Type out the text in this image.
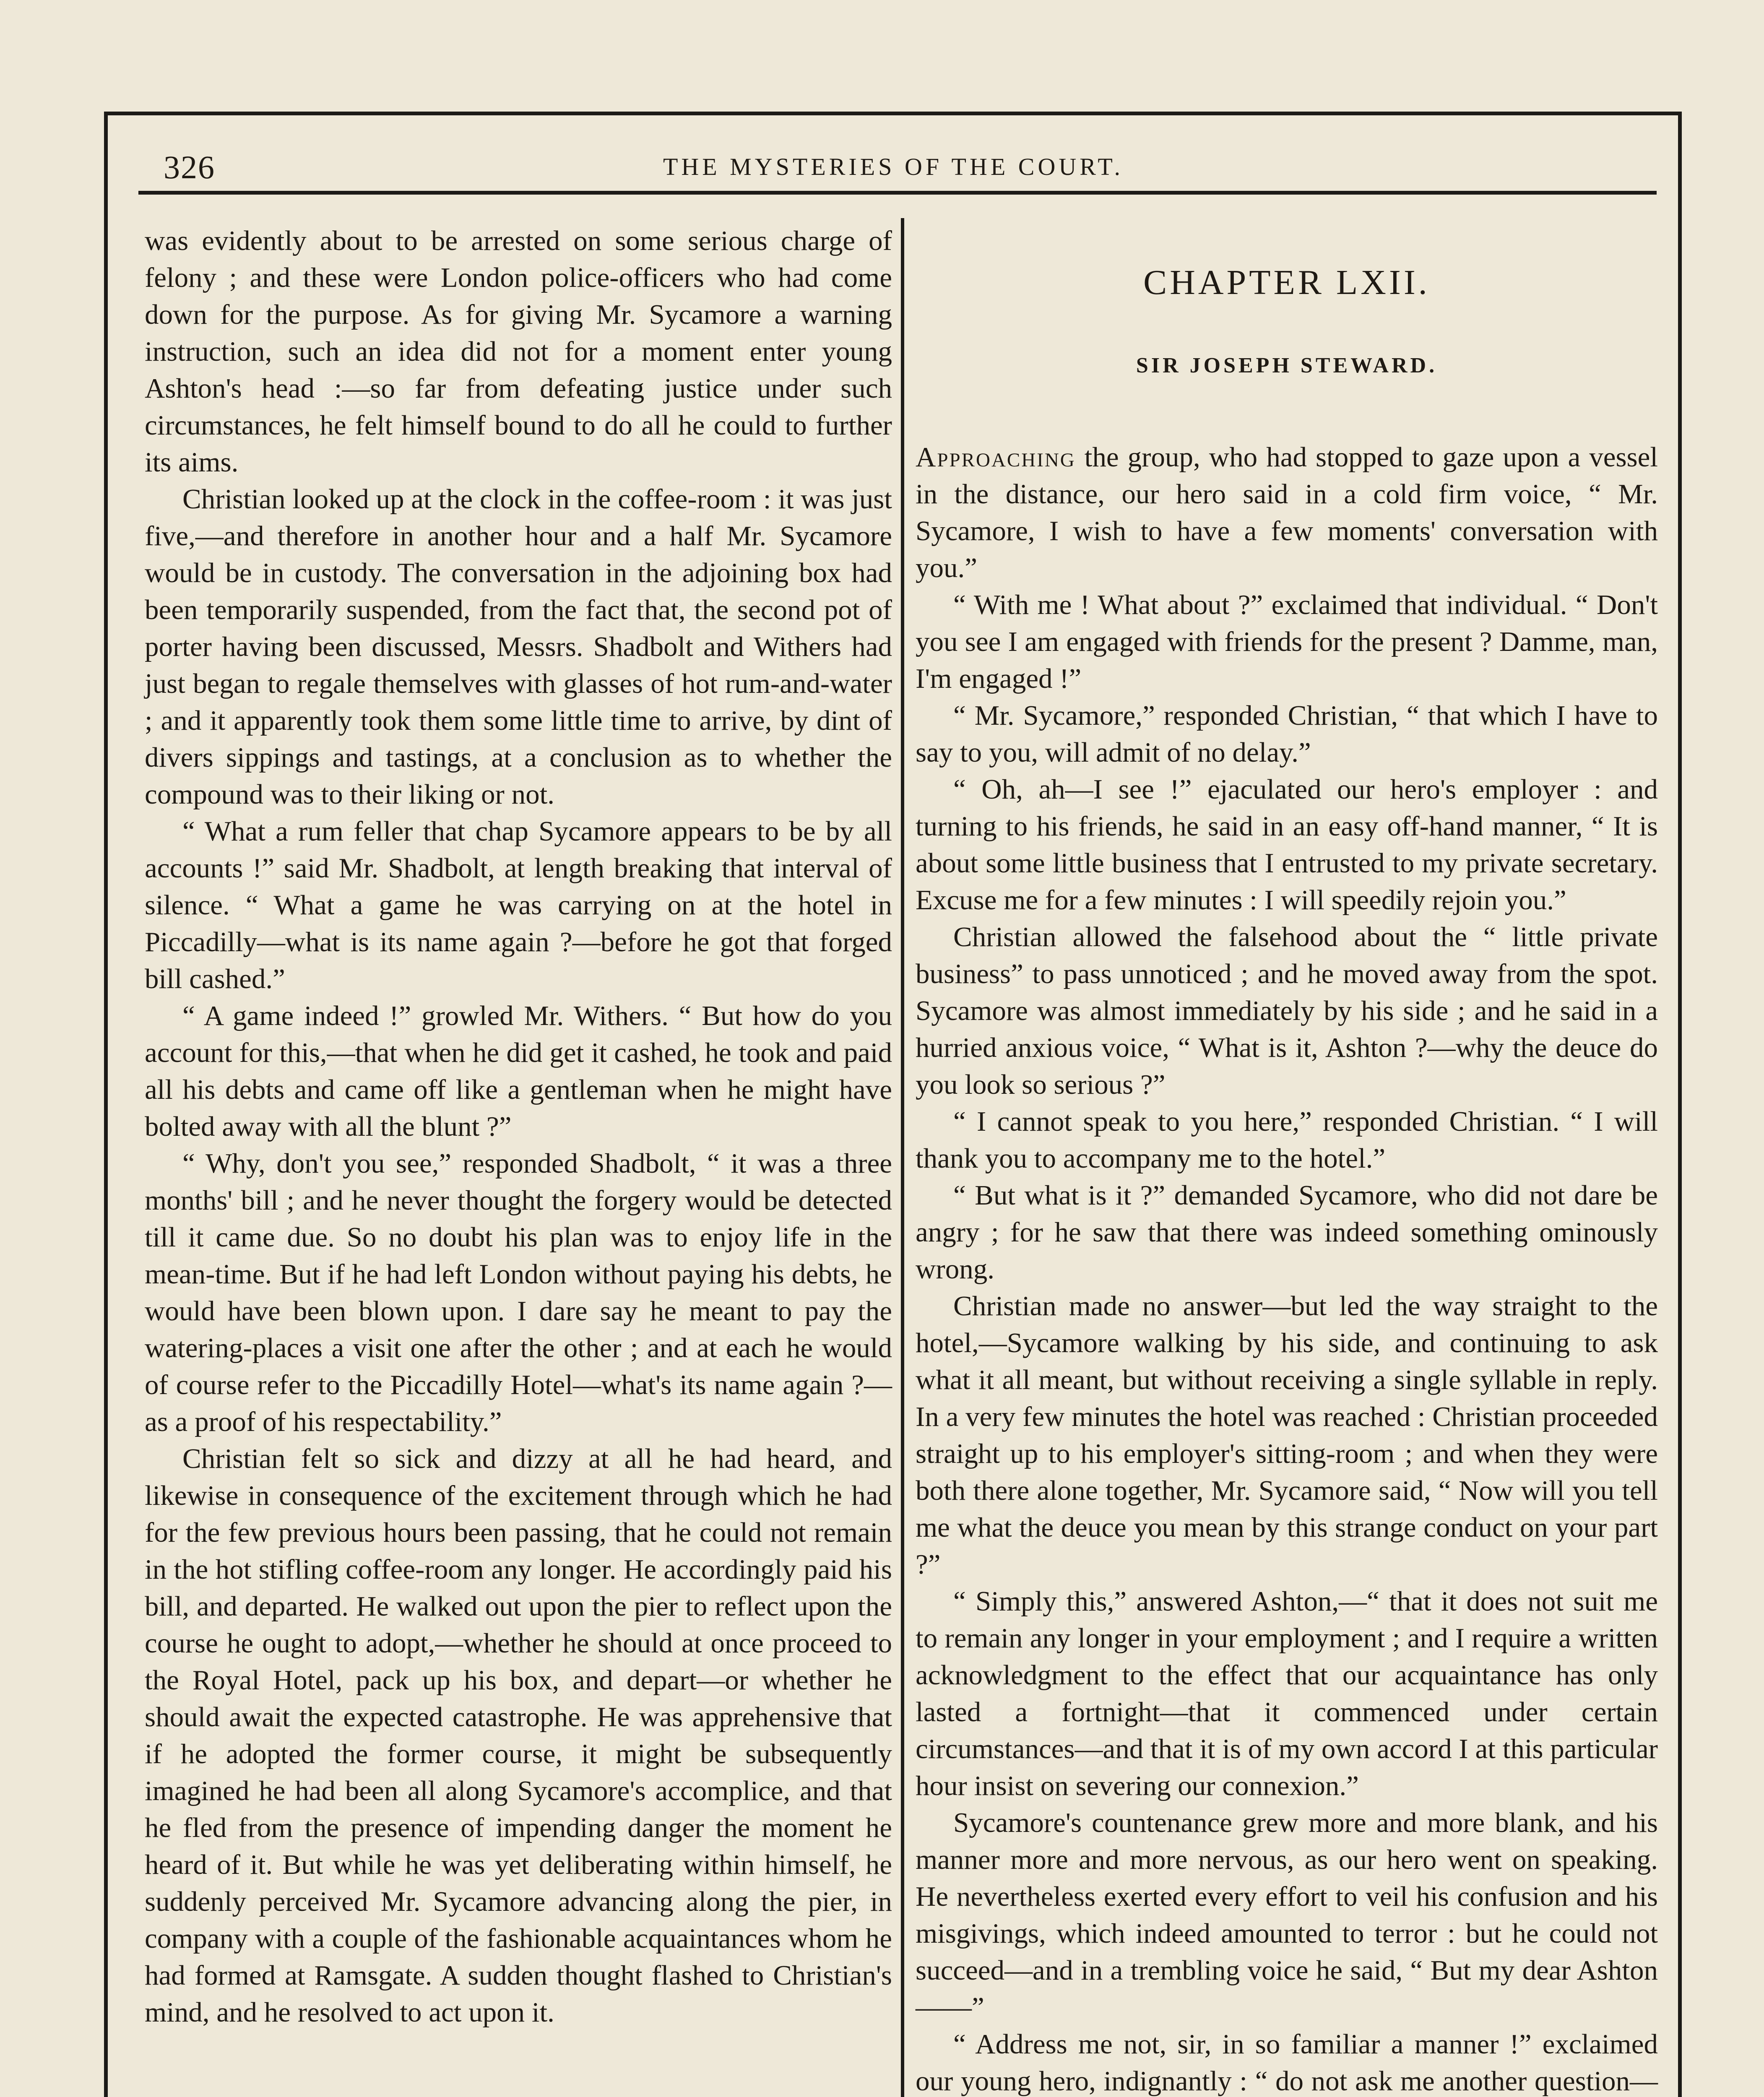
326	THE MYSTERIES OF THE COURT.

was evidently about to be arrested on some serious charge of felony ; and these were London police-officers who had come down for the purpose. As for giving Mr. Sycamore a warning instruction, such an idea did not for a moment enter young Ashton's head :—so far from defeating justice under such circumstances, he felt himself bound to do all he could to further its aims.

Christian looked up at the clock in the coffee-room : it was just five,—and therefore in another hour and a half Mr. Sycamore would be in custody. The conversation in the adjoining box had been temporarily suspended, from the fact that, the second pot of porter having been discussed, Messrs. Shadbolt and Withers had just began to regale themselves with glasses of hot rum-and-water ; and it apparently took them some little time to arrive, by dint of divers sippings and tastings, at a conclusion as to whether the compound was to their liking or not.

“ What a rum feller that chap Sycamore appears to be by all accounts !” said Mr. Shadbolt, at length breaking that interval of silence. “ What a game he was carrying on at the hotel in Piccadilly—what is its name again ?—before he got that forged bill cashed.”

“ A game indeed !” growled Mr. Withers. “ But how do you account for this,—that when he did get it cashed, he took and paid all his debts and came off like a gentleman when he might have bolted away with all the blunt ?”

“ Why, don't you see,” responded Shadbolt, “ it was a three months' bill ; and he never thought the forgery would be detected till it came due. So no doubt his plan was to enjoy life in the mean-time. But if he had left London without paying his debts, he would have been blown upon. I dare say he meant to pay the watering-places a visit one after the other ; and at each he would of course refer to the Piccadilly Hotel—what's its name again ?—as a proof of his respectability.”

Christian felt so sick and dizzy at all he had heard, and likewise in consequence of the excitement through which he had for the few previous hours been passing, that he could not remain in the hot stifling coffee-room any longer. He accordingly paid his bill, and departed. He walked out upon the pier to reflect upon the course he ought to adopt,—whether he should at once proceed to the Royal Hotel, pack up his box, and depart—or whether he should await the expected catastrophe. He was apprehensive that if he adopted the former course, it might be subsequently imagined he had been all along Sycamore's accomplice, and that he fled from the presence of impending danger the moment he heard of it. But while he was yet deliberating within himself, he suddenly perceived Mr. Sycamore advancing along the pier, in company with a couple of the fashionable acquaintances whom he had formed at Ramsgate. A sudden thought flashed to Christian's mind, and he resolved to act upon it.

CHAPTER LXII.
SIR JOSEPH STEWARD.

Approaching the group, who had stopped to gaze upon a vessel in the distance, our hero said in a cold firm voice, “ Mr. Sycamore, I wish to have a few moments' conversation with you.”

“ With me ! What about ?” exclaimed that individual. “ Don't you see I am engaged with friends for the present ? Damme, man, I'm engaged !”

“ Mr. Sycamore,” responded Christian, “ that which I have to say to you, will admit of no delay.”

“ Oh, ah—I see !” ejaculated our hero's employer : and turning to his friends, he said in an easy off-hand manner, “ It is about some little business that I entrusted to my private secretary. Excuse me for a few minutes : I will speedily rejoin you.”

Christian allowed the falsehood about the “ little private business” to pass unnoticed ; and he moved away from the spot. Sycamore was almost immediately by his side ; and he said in a hurried anxious voice, “ What is it, Ashton ?—why the deuce do you look so serious ?”

“ I cannot speak to you here,” responded Christian. “ I will thank you to accompany me to the hotel.”

“ But what is it ?” demanded Sycamore, who did not dare be angry ; for he saw that there was indeed something ominously wrong.

Christian made no answer—but led the way straight to the hotel,—Sycamore walking by his side, and continuing to ask what it all meant, but without receiving a single syllable in reply. In a very few minutes the hotel was reached : Christian proceeded straight up to his employer's sitting-room ; and when they were both there alone together, Mr. Sycamore said, “ Now will you tell me what the deuce you mean by this strange conduct on your part ?”

“ Simply this,” answered Ashton,—“ that it does not suit me to remain any longer in your employment ; and I require a written acknowledgment to the effect that our acquaintance has only lasted a fortnight—that it commenced under certain circumstances—and that it is of my own accord I at this particular hour insist on severing our connexion.”

Sycamore's countenance grew more and more blank, and his manner more and more nervous, as our hero went on speaking. He nevertheless exerted every effort to veil his confusion and his misgivings, which indeed amounted to terror : but he could not succeed—and in a trembling voice he said, “ But my dear Ashton——”

“ Address me not, sir, in so familiar a manner !” exclaimed our young hero, indignantly : “ do not ask me another question—
